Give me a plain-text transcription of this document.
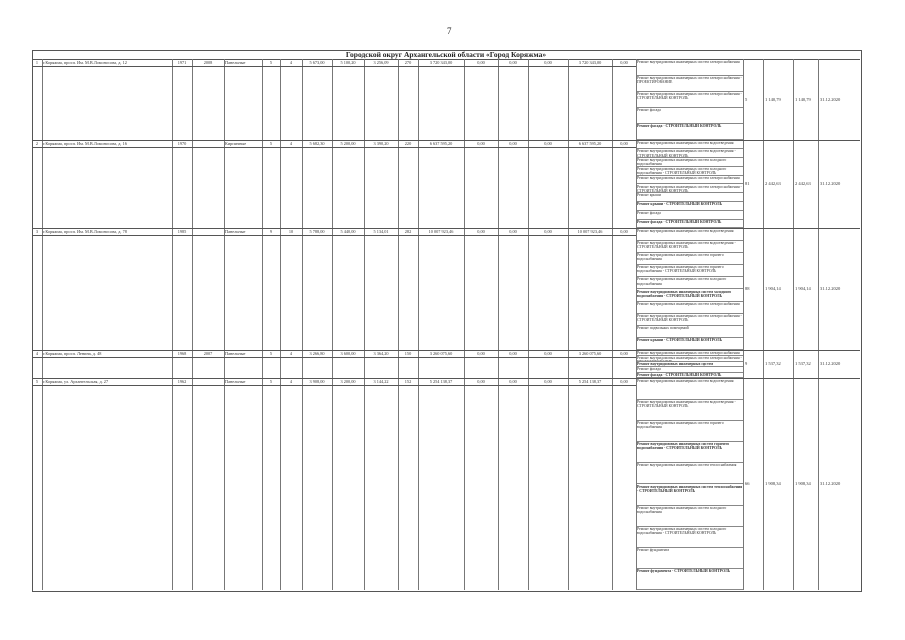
7
Городской округ Архангельской области «Город Коряжма»
1	г.Коряжма, просп. Им. М.В.Ломоносова, д. 12	1971	2008	Панельные	5	4	5 673,00	5 100,20	3 256,09	270	3 720 343,00	0,00	0,00	0,00	3 720 343,00	0,00	Ремонт внутридомовых инженерных систем электроснабжения
Ремонт внутридомовых инженерных систем электроснабжения - ПРОЕКТИРОВАНИЕ
Ремонт внутридомовых инженерных систем электроснабжения - СТРОИТЕЛЬНЫЙ КОНТРОЛЬ
Ремонт фасада
Ремонт фасада - СТРОИТЕЛЬНЫЙ КОНТРОЛЬ
5	1 140,79	1 140,79 31.12.2020
2	г.Коряжма, просп. Им. М.В.Ломоносова, д. 16	1970	Кирпичные	5	4	5 682,30	5 200,00	3 390,20	220	6 637 595,20	0,00	0,00	0,00	6 637 595,20	0,00	Ремонт внутридомовых инженерных систем водоотведения
Ремонт внутридомовых инженерных систем водоотведения - СТРОИТЕЛЬНЫЙ КОНТРОЛЬ
Ремонт внутридомовых инженерных систем холодного водоснабжения
Ремонт внутридомовых инженерных систем холодного водоснабжения - СТРОИТЕЛЬНЫЙ КОНТРОЛЬ
Ремонт внутридомовых инженерных систем электроснабжения
Ремонт внутридомовых инженерных систем электроснабжения - СТРОИТЕЛЬНЫЙ КОНТРОЛЬ
Ремонт крыши
Ремонт крыши - СТРОИТЕЛЬНЫЙ КОНТРОЛЬ
Ремонт фасада
Ремонт фасада - СТРОИТЕЛЬНЫЙ КОНТРОЛЬ
81	2 442,63	2 442,63 31.12.2020
3	г.Коряжма, просп. Им. М.В.Ломоносова, д. 78	1985	Панельные	9	10	5 788,00	5 440,00	5 134,01	282	10 007 923,46	0,00	0,00	0,00	10 007 923,46	0,00	Ремонт внутридомовых инженерных систем водоотведения
Ремонт внутридомовых инженерных систем водоотведения - СТРОИТЕЛЬНЫЙ КОНТРОЛЬ
Ремонт внутридомовых инженерных систем горячего водоснабжения
Ремонт внутридомовых инженерных систем горячего водоснабжения - СТРОИТЕЛЬНЫЙ КОНТРОЛЬ
Ремонт внутридомовых инженерных систем холодного водоснабжения
Ремонт внутридомовых инженерных систем холодного водоснабжения - СТРОИТЕЛЬНЫЙ КОНТРОЛЬ
Ремонт внутридомовых инженерных систем электроснабжения
Ремонт внутридомовых инженерных систем электроснабжения - СТРОИТЕЛЬНЫЙ КОНТРОЛЬ
Ремонт подвальных помещений
Ремонт крыши - СТРОИТЕЛЬНЫЙ КОНТРОЛЬ
88	1 904,14	1 904,14 31.12.2020
4	г.Коряжма, просп. Ленина, д. 48	1968	2007	Панельные	5	4	3 266,80	3 600,00	3 364,20	150	3 260 075,60	0,00	0,00	0,00	3 260 075,60	0,00	Ремонт внутридомовых инженерных систем электроснабжения
Ремонт внутридомовых инженерных систем электроснабжения -
Ремонт внутридомовых инженерных систем
Ремонт фасада
Ремонт фасада - СТРОИТЕЛЬНЫЙ КОНТРОЛЬ
9	1 537,32	1 537,32 31.12.2020
5	г.Коряжма, ул. Архангельская, д. 27	1962	Панельные	5	4	3 908,00	3 200,00	3 144,22	152	5 254 138,37	0,00	0,00	0,00	5 254 138,37	0,00	Ремонт внутридомовых инженерных систем водоотведения
Ремонт внутридомовых инженерных систем водоотведения - СТРОИТЕЛЬНЫЙ КОНТРОЛЬ
Ремонт внутридомовых инженерных систем горячего водоснабжения
Ремонт внутридомовых инженерных систем горячего водоснабжения - СТРОИТЕЛЬНЫЙ КОНТРОЛЬ
Ремонт внутридомовых инженерных систем теплоснабжения
Ремонт внутридомовых инженерных систем теплоснабжения - СТРОИТЕЛЬНЫЙ КОНТРОЛЬ
Ремонт внутридомовых инженерных систем холодного водоснабжения
Ремонт внутридомовых инженерных систем холодного водоснабжения - СТРОИТЕЛЬНЫЙ КОНТРОЛЬ
Ремонт фундамента
Ремонт фундамента - СТРОИТЕЛЬНЫЙ КОНТРОЛЬ
66	1 908,34	1 908,34 31.12.2020
